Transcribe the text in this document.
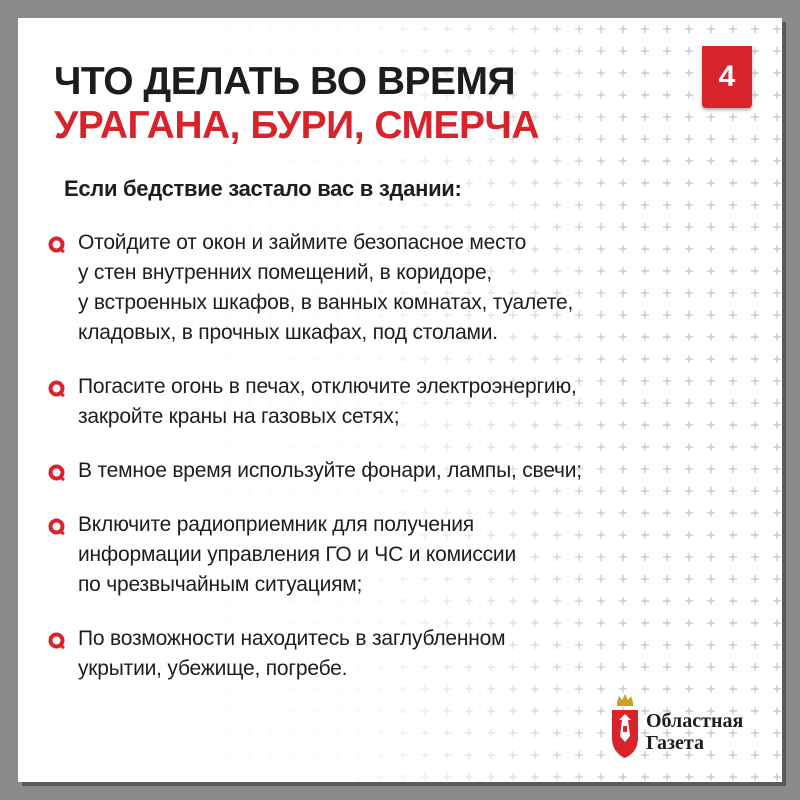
4
ЧТО ДЕЛАТЬ ВО ВРЕМЯ
УРАГАНА, БУРИ, СМЕРЧА
Если бедствие застало вас в здании:
Отойдите от окон и займите безопасное место
у стен внутренних помещений, в коридоре,
у встроенных шкафов, в ванных комнатах, туалете,
кладовых, в прочных шкафах, под столами.
Погасите огонь в печах, отключите электроэнергию,
закройте краны на газовых сетях;
В темное время используйте фонари, лампы, свечи;
Включите радиоприемник для получения
информации управления ГО и ЧС и комиссии
по чрезвычайным ситуациям;
По возможности находитесь в заглубленном
укрытии, убежище, погребе.
Областная
Газета
